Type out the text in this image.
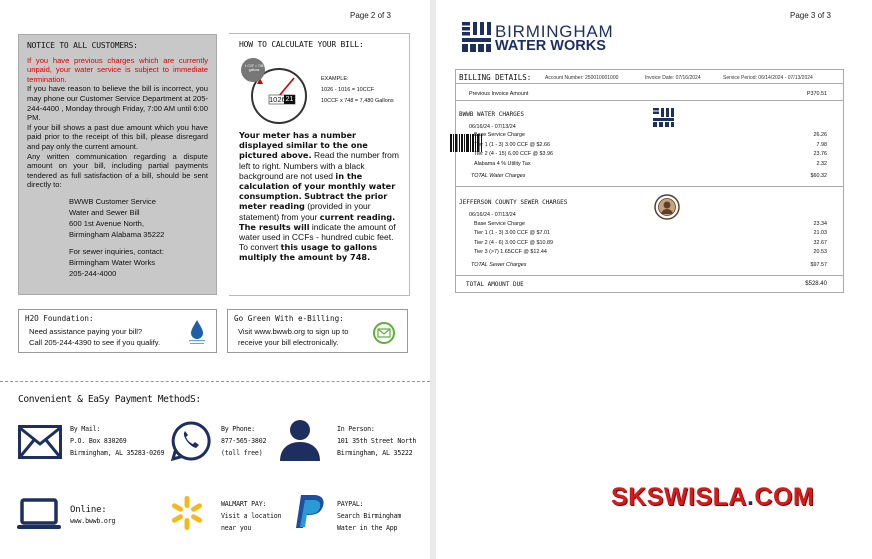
Page 2 of 3
NOTICE TO ALL CUSTOMERS:
If you have previous charges which are currently unpaid, your water service is subject to immediate termination.

If you have reason to believe the bill is incorrect, you may phone our Customer Service Department at 205-244-4400 , Monday through Friday, 7:00 AM until 6:00 PM.

If your bill shows a past due amount which you have paid prior to the receipt of this bill, please disregard and pay only the current amount.

Any written communication regarding a dispute amount on your bill, including partial payments tendered as full satisfaction of a bill, should be sent directly to:

BWWB Customer Service
Water and Sewer Bill
600 1st Avenue North,
Birmingham Alabama 35222
For sewer inquiries, contact:
Birmingham Water Works
205-244-4000
HOW TO CALCULATE YOUR BILL:
1 CCF = 748 gallons
1026 21
EXAMPLE:
1026 - 1016 = 10CCF
10CCF x 748 = 7,480 Gallons
Your meter has a number displayed similar to the one pictured above. Read the number from left to right. Numbers with a black background are not used in the calculation of your monthly water consumption. Subtract the prior meter reading (provided in your statement) from your current reading. The results will indicate the amount of water used in CCFs - hundred cubic feet. To convert this usage to gallons multiply the amount by 748.
H2O Foundation:
Need assistance paying your bill?
Call 205-244-4390 to see if you qualify.
Go Green With e-Billing:
Visit www.bwwb.org to sign up to
receive your bill electronically.
Convenient & EaSy Payment MethodS:
By Mail:
P.O. Box 830269
Birmingham, AL 35283-0269
By Phone:
877-565-3802
(toll free)
In Person:
101 35th Street North
Birmingham, AL 35222
Online:
www.bwwb.org
WALMART PAY:
Visit a location
near you
PAYPAL:
Search Birmingham
Water in the App
Page 3 of 3
BIRMINGHAM
WATER WORKS
BILLING DETAILS:	Account Number: 250010001000	Invoice Date: 07/16/2024	Service Period: 06/14/2024 - 07/13/2024
Previous Invoice Amount	P370.51
BWWB WATER CHARGES
06/16/24 - 07/13/24
Base Service Charge	26.26
Tier 1 (1 - 3) 3.00 CCF @ $2.66	7.98
Tier 2 (4 - 15) 6.00 CCF @ $3.96	23.76
Alabama 4 % Utility Tax	2.32
TOTAL Water Charges	$60.32
JEFFERSON COUNTY SEWER CHARGES
06/16/24 - 07/13/24
Base Service Charge	23.34
Tier 1 (1 - 3) 3.00 CCF @ $7.01	21.03
Tier 2 (4 - 6) 3.00 CCF @ $10.89	32.67
Tier 3 (>7) 1.65CCF @ $12.44	20.53
TOTAL Sewer Charges	$97.57
TOTAL AMOUNT DUE	$528.40
SKSWISLA.COM
